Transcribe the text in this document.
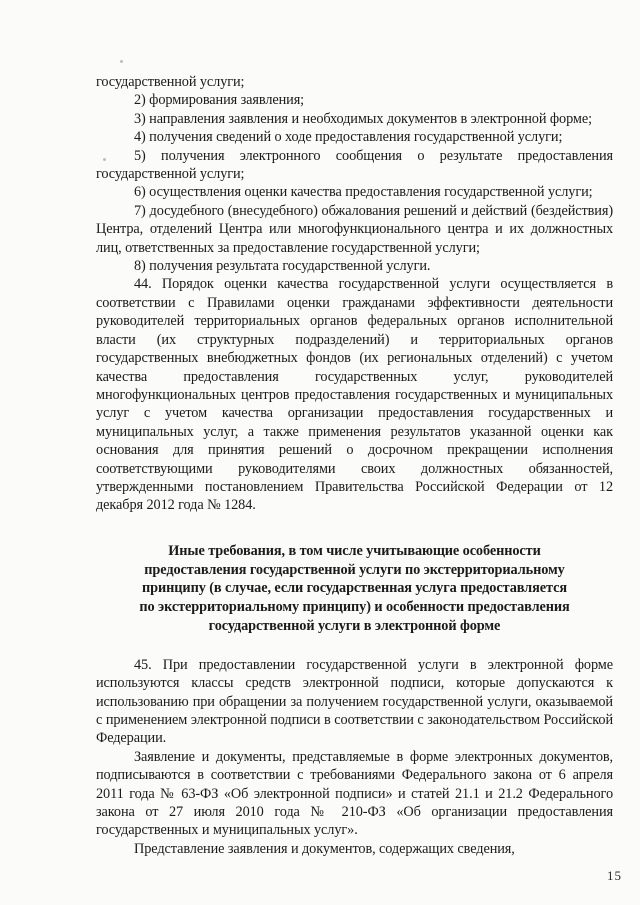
государственной услуги;

2) формирования заявления;

3) направления заявления и необходимых документов в электронной форме;

4) получения сведений о ходе предоставления государственной услуги;

5) получения электронного сообщения о результате предоставления государственной услуги;

6) осуществления оценки качества предоставления государственной услуги;

7) досудебного (внесудебного) обжалования решений и действий (бездействия) Центра, отделений Центра или многофункционального центра и их должностных лиц, ответственных за предоставление государственной услуги;

8) получения результата государственной услуги.

44. Порядок оценки качества государственной услуги осуществляется в соответствии с Правилами оценки гражданами эффективности деятельности руководителей территориальных органов федеральных органов исполнительной власти (их структурных подразделений) и территориальных органов государственных внебюджетных фондов (их региональных отделений) с учетом качества предоставления государственных услуг, руководителей многофункциональных центров предоставления государственных и муниципальных услуг с учетом качества организации предоставления государственных и муниципальных услуг, а также применения результатов указанной оценки как основания для принятия решений о досрочном прекращении исполнения соответствующими руководителями своих должностных обязанностей, утвержденными постановлением Правительства Российской Федерации от 12 декабря 2012 года № 1284.

Иные требования, в том числе учитывающие особенности
предоставления государственной услуги по экстерриториальному
принципу (в случае, если государственная услуга предоставляется
по экстерриториальному принципу) и особенности предоставления
государственной услуги в электронной форме

45. При предоставлении государственной услуги в электронной форме используются классы средств электронной подписи, которые допускаются к использованию при обращении за получением государственной услуги, оказываемой с применением электронной подписи в соответствии с законодательством Российской Федерации.

Заявление и документы, представляемые в форме электронных документов, подписываются в соответствии с требованиями Федерального закона от 6 апреля 2011 года № 63-ФЗ «Об электронной подписи» и статей 21.1 и 21.2 Федерального закона от 27 июля 2010 года № 210-ФЗ «Об организации предоставления государственных и муниципальных услуг».

Представление заявления и документов, содержащих сведения,

15
